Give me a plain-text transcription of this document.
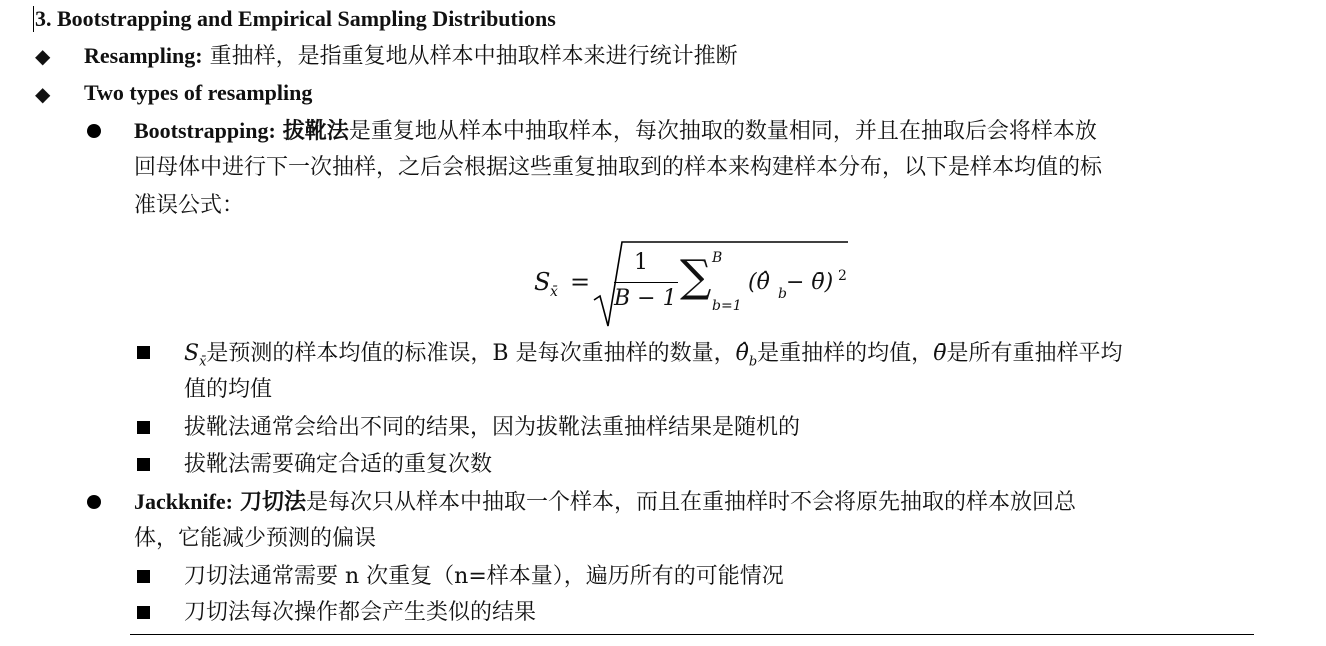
3. Bootstrapping and Empirical Sampling Distributions
◆ Resampling: 重抽样，是指重复地从样本中抽取样本来进行统计推断
◆ Two types of resampling
Bootstrapping: 拔靴法是重复地从样本中抽取样本，每次抽取的数量相同，并且在抽取后会将样本放
回母体中进行下一次抽样，之后会根据这些重复抽取到的样本来构建样本分布，以下是样本均值的标
准误公式：
S x̄ =
1
B − 1 ∑ B
b=1
(θ̂ b − θ̄) 2
$S_{x̄}$是预测的样本均值的标准误，B 是每次重抽样的数量，$\thetâ_b$是重抽样的均值，θ̄是所有重抽样平均
值的均值
拔靴法通常会给出不同的结果，因为拔靴法重抽样结果是随机的
拔靴法需要确定合适的重复次数
Jackknife: 刀切法是每次只从样本中抽取一个样本，而且在重抽样时不会将原先抽取的样本放回总
体，它能减少预测的偏误
刀切法通常需要 n 次重复（n=样本量），遍历所有的可能情况
刀切法每次操作都会产生类似的结果
